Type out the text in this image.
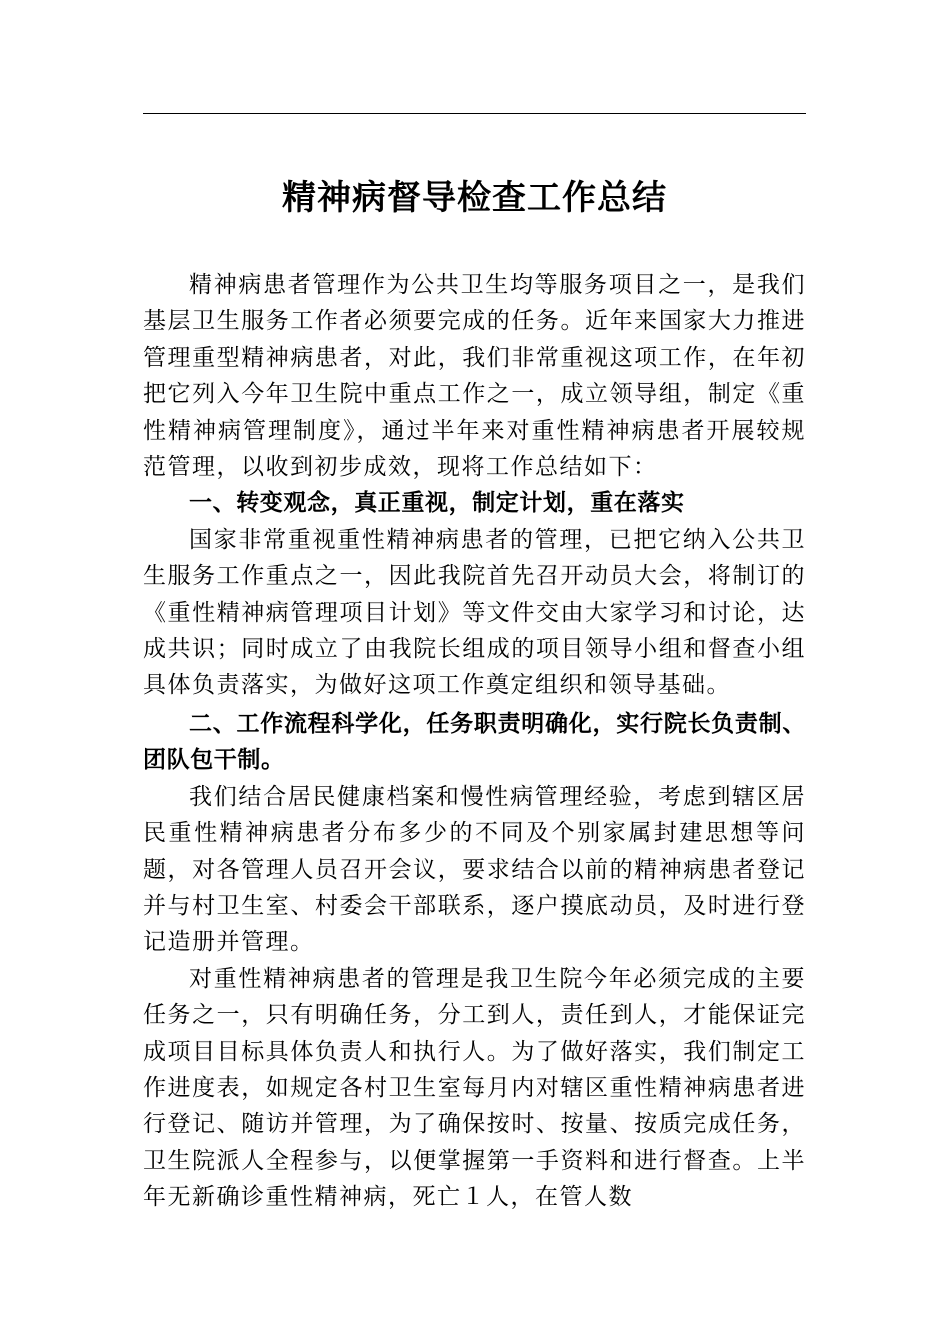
精神病督导检查工作总结

精神病患者管理作为公共卫生均等服务项目之一，是我们基层卫生服务工作者必须要完成的任务。近年来国家大力推进管理重型精神病患者，对此，我们非常重视这项工作，在年初把它列入今年卫生院中重点工作之一，成立领导组，制定《重性精神病管理制度》，通过半年来对重性精神病患者开展较规范管理，以收到初步成效，现将工作总结如下：

一、转变观念，真正重视，制定计划，重在落实

国家非常重视重性精神病患者的管理，已把它纳入公共卫生服务工作重点之一，因此我院首先召开动员大会，将制订的《重性精神病管理项目计划》等文件交由大家学习和讨论，达成共识；同时成立了由我院长组成的项目领导小组和督查小组具体负责落实，为做好这项工作奠定组织和领导基础。

二、工作流程科学化，任务职责明确化，实行院长负责制、团队包干制。

我们结合居民健康档案和慢性病管理经验，考虑到辖区居民重性精神病患者分布多少的不同及个别家属封建思想等问题，对各管理人员召开会议，要求结合以前的精神病患者登记并与村卫生室、村委会干部联系，逐户摸底动员，及时进行登记造册并管理。

对重性精神病患者的管理是我卫生院今年必须完成的主要任务之一，只有明确任务，分工到人，责任到人，才能保证完成项目目标具体负责人和执行人。为了做好落实，我们制定工作进度表，如规定各村卫生室每月内对辖区重性精神病患者进行登记、随访并管理，为了确保按时、按量、按质完成任务，卫生院派人全程参与，以便掌握第一手资料和进行督查。上半年无新确诊重性精神病，死亡１人，在管人数
